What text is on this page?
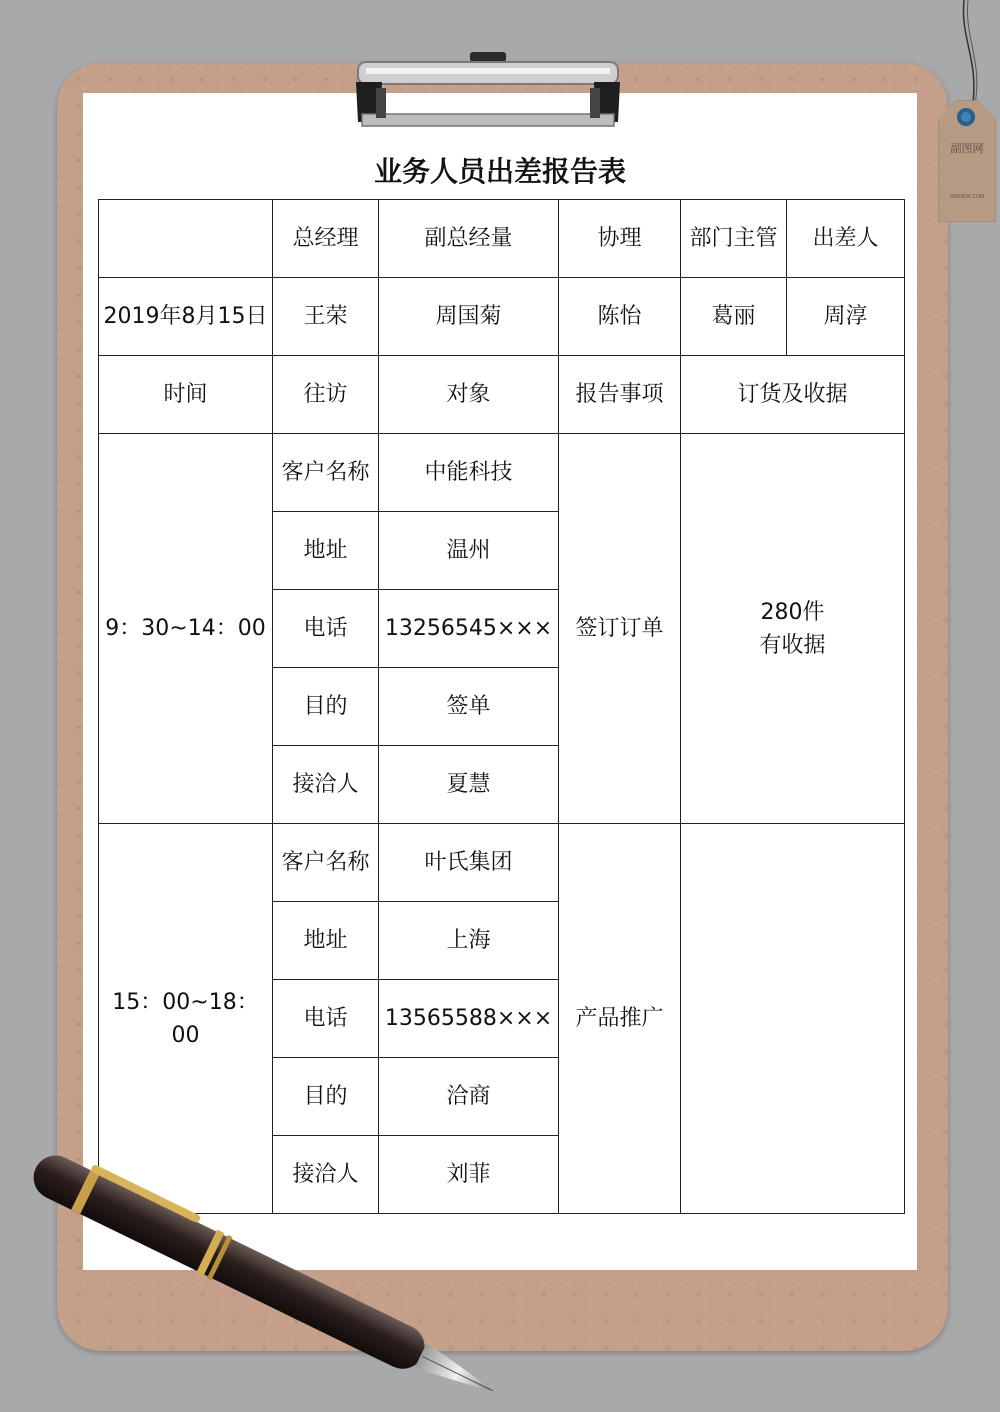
副图网
ONEBOX.COM
业务人员出差报告表
	总经理	副总经量	协理	部门主管	出差人
2019年8月15日	王荣	周国菊	陈怡	葛丽	周淳
时间	往访	对象	报告事项	订货及收据	
9：30~14：00	客户名称	中能科技	签订订单	280件
有收据	

	地址	温州			
	电话	13256545×××			
	目的	签单			
	接洽人	夏慧			
15：00~18：00	客户名称	叶氏集团	产品推广		

	地址	上海			
	电话	13565588×××			
	目的	洽商			
	接洽人	刘菲			
